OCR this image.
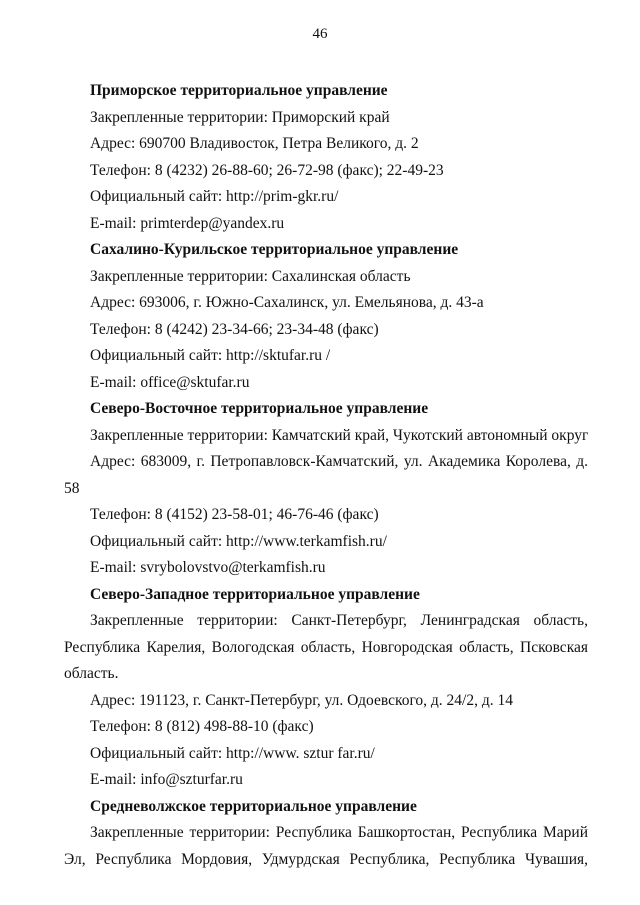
46
Приморское территориальное управление
Закрепленные территории: Приморский край
Адрес: 690700 Владивосток, Петра Великого, д. 2
Телефон: 8 (4232) 26-88-60; 26-72-98 (факс); 22-49-23
Официальный сайт: http://prim-gkr.ru/
E-mail: primterdep@yandex.ru
Сахалино-Курильское территориальное управление
Закрепленные территории: Сахалинская область
Адрес: 693006, г. Южно-Сахалинск, ул. Емельянова, д. 43-а
Телефон: 8 (4242) 23-34-66; 23-34-48 (факс)
Официальный сайт: http://sktufar.ru /
E-mail: office@sktufar.ru
Северо-Восточное территориальное управление
Закрепленные территории: Камчатский край, Чукотский автономный округ
Адрес: 683009, г. Петропавловск-Камчатский, ул. Академика Королева, д.
58
Телефон: 8 (4152) 23-58-01; 46-76-46 (факс)
Официальный сайт: http://www.terkamfish.ru/
E-mail: svrybolovstvo@terkamfish.ru
Северо-Западное территориальное управление
Закрепленные территории: Санкт-Петербург, Ленинградская область,
Республика Карелия, Вологодская область, Новгородская область, Псковская
область.
Адрес: 191123, г. Санкт-Петербург, ул. Одоевского, д. 24/2, д. 14
Телефон: 8 (812) 498-88-10 (факс)
Официальный сайт: http://www. sztur far.ru/
E-mail: info@szturfar.ru
Средневолжское территориальное управление
Закрепленные территории: Республика Башкортостан, Республика Марий
Эл, Республика Мордовия, Удмурдская Республика, Республика Чувашия,
